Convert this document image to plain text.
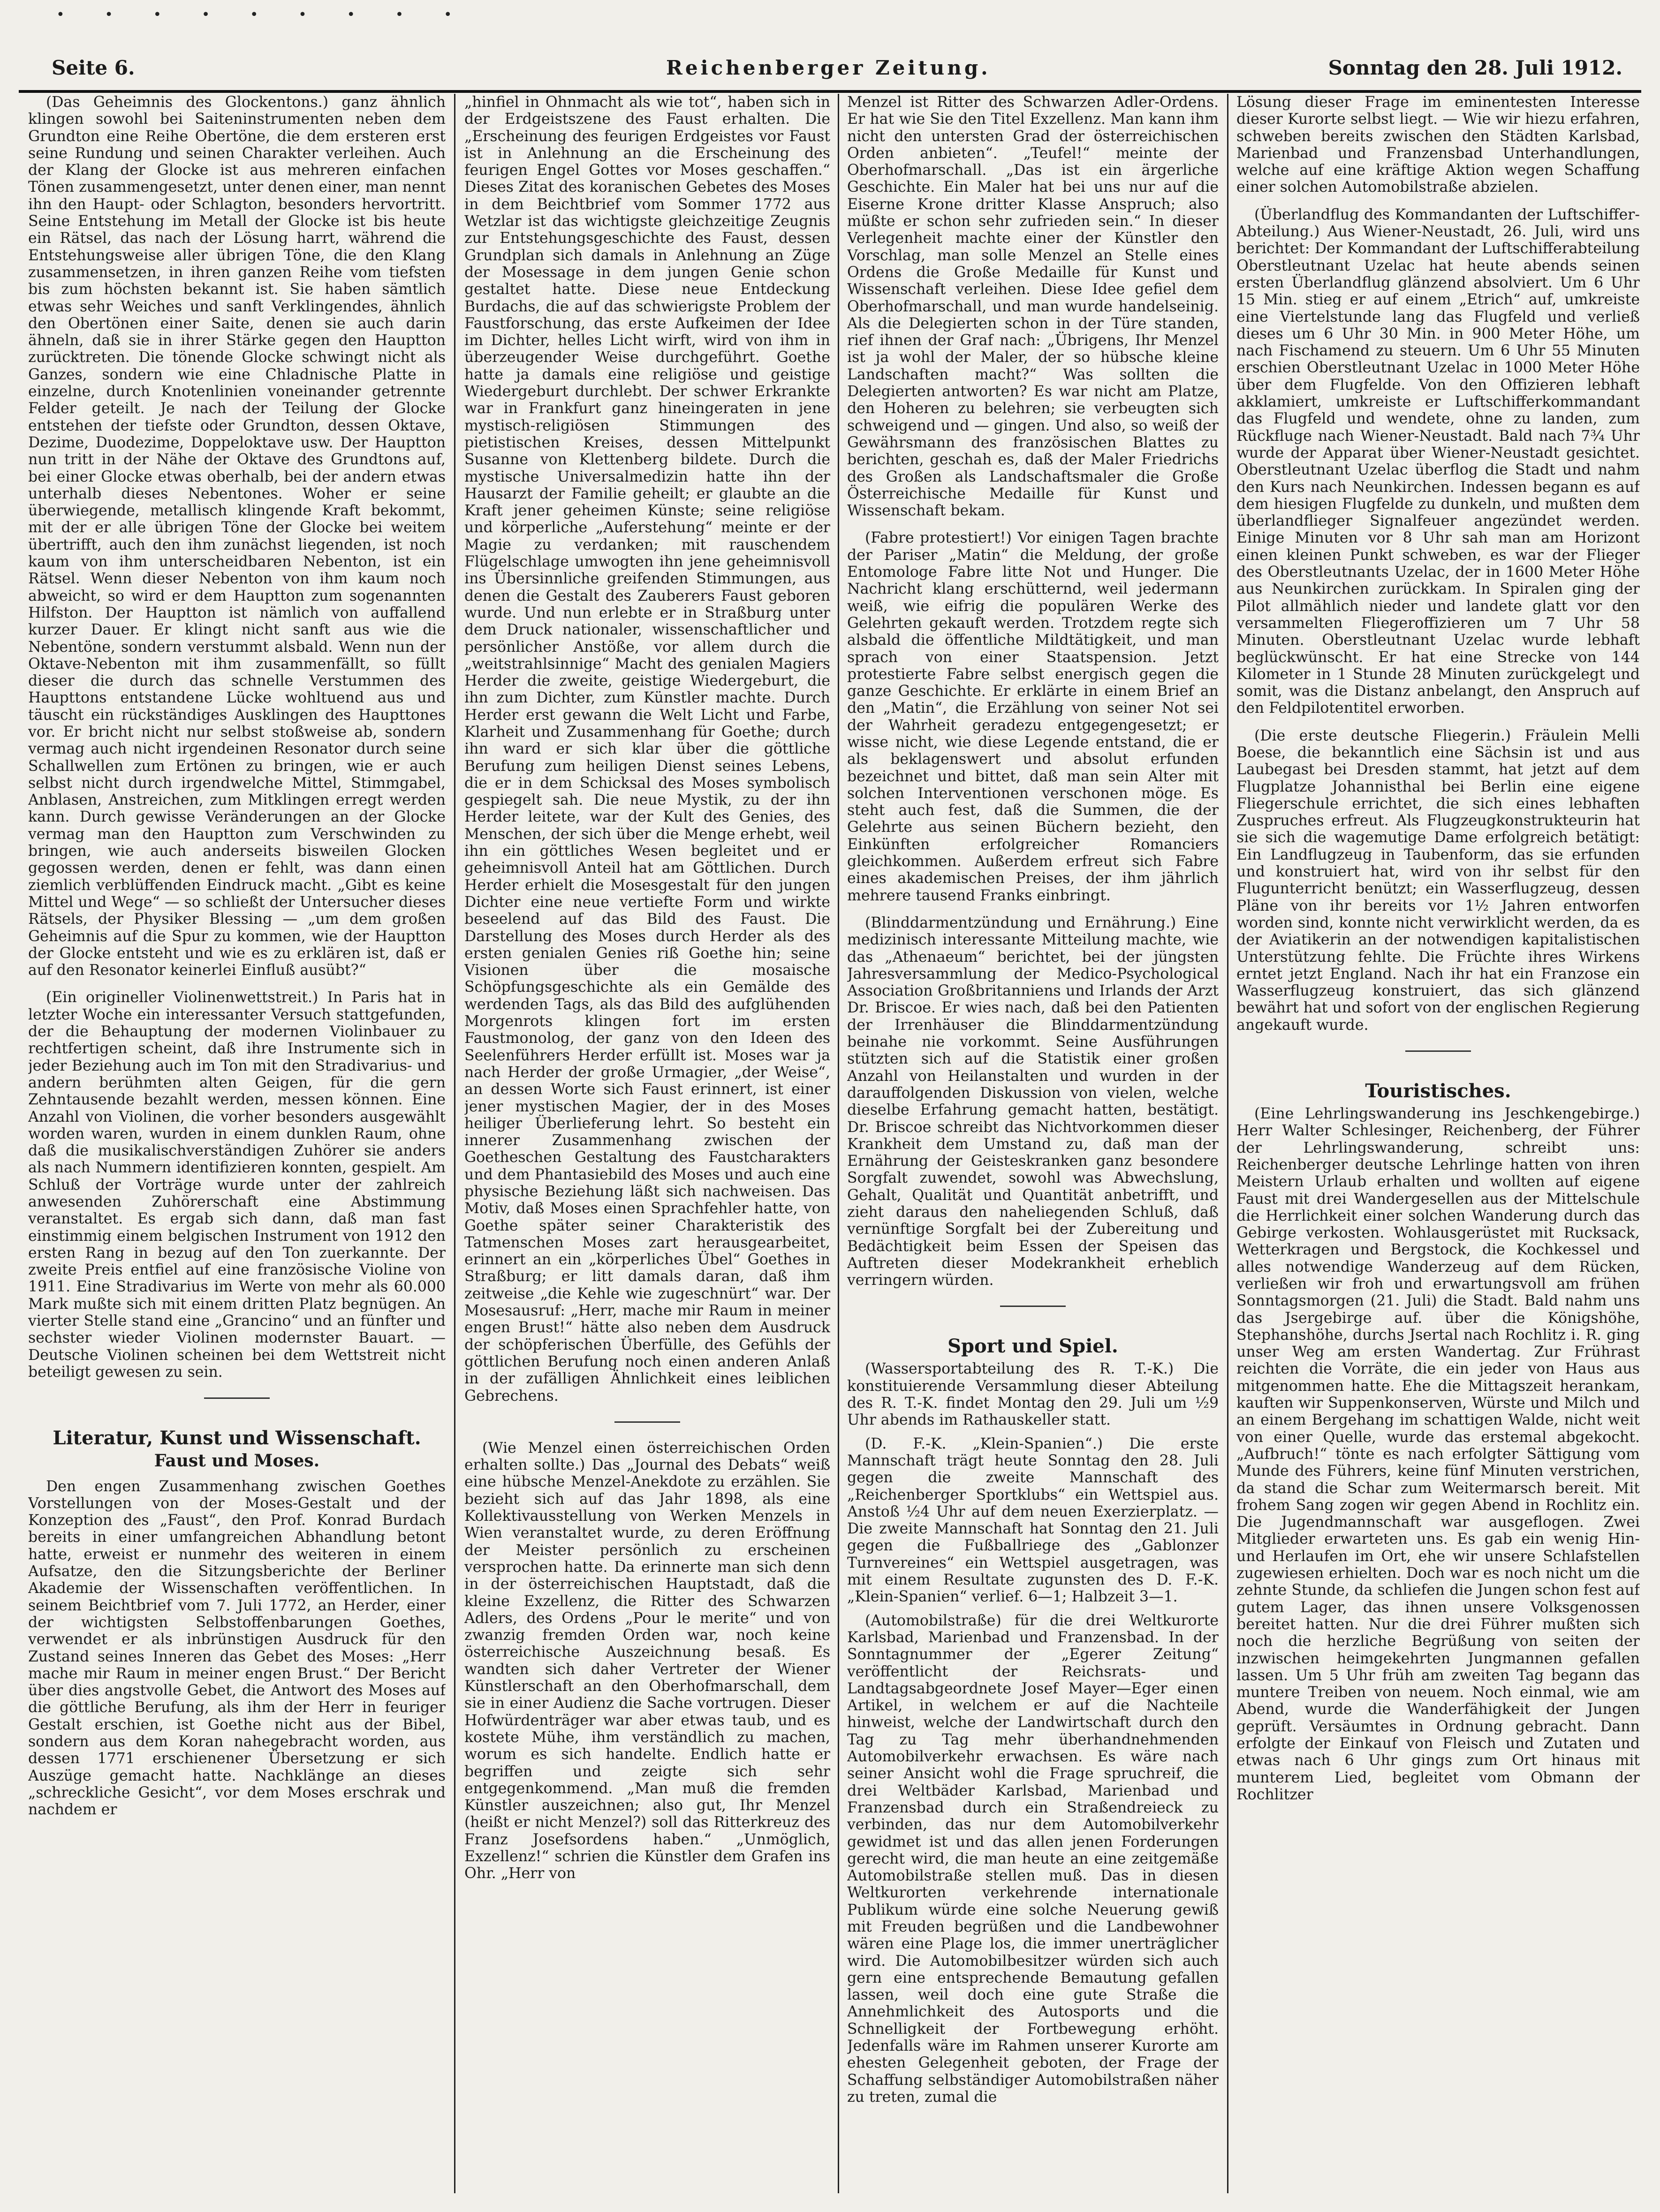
• • • • • • • • •
Seite 6.	Reichenberger Zeitung.	Sonntag den 28. Juli 1912.

(Das Geheimnis des Glockentons.) ganz ähnlich klingen sowohl bei Saiteninstrumenten neben dem Grundton eine Reihe Obertöne, die dem ersteren erst seine Rundung und seinen Charakter verleihen. Auch der Klang der Glocke ist aus mehreren einfachen Tönen zusammengesetzt, unter denen einer, man nennt ihn den Haupt- oder Schlagton, besonders hervortritt. Seine Entstehung im Metall der Glocke ist bis heute ein Rätsel, das nach der Lösung harrt, während die Entstehungsweise aller übrigen Töne, die den Klang zusammensetzen, in ihren ganzen Reihe vom tiefsten bis zum höchsten bekannt ist. Sie haben sämtlich etwas sehr Weiches und sanft Verklingendes, ähnlich den Obertönen einer Saite, denen sie auch darin ähneln, daß sie in ihrer Stärke gegen den Hauptton zurücktreten. Die tönende Glocke schwingt nicht als Ganzes, sondern wie eine Chladnische Platte in einzelne, durch Knotenlinien voneinander getrennte Felder geteilt. Je nach der Teilung der Glocke entstehen der tiefste oder Grundton, dessen Oktave, Dezime, Duodezime, Doppeloktave usw. Der Hauptton nun tritt in der Nähe der Oktave des Grundtons auf, bei einer Glocke etwas oberhalb, bei der andern etwas unterhalb dieses Nebentones. Woher er seine überwiegende, metallisch klingende Kraft bekommt, mit der er alle übrigen Töne der Glocke bei weitem übertrifft, auch den ihm zunächst liegenden, ist noch kaum von ihm unterscheidbaren Nebenton, ist ein Rätsel. Wenn dieser Nebenton von ihm kaum noch abweicht, so wird er dem Hauptton zum sogenannten Hilfston. Der Hauptton ist nämlich von auffallend kurzer Dauer. Er klingt nicht sanft aus wie die Nebentöne, sondern verstummt alsbald. Wenn nun der Oktave-Nebenton mit ihm zusammenfällt, so füllt dieser die durch das schnelle Verstummen des Haupttons entstandene Lücke wohltuend aus und täuscht ein rückständiges Ausklingen des Haupttones vor. Er bricht nicht nur selbst stoßweise ab, sondern vermag auch nicht irgendeinen Resonator durch seine Schallwellen zum Ertönen zu bringen, wie er auch selbst nicht durch irgendwelche Mittel, Stimmgabel, Anblasen, Anstreichen, zum Mitklingen erregt werden kann. Durch gewisse Veränderungen an der Glocke vermag man den Hauptton zum Verschwinden zu bringen, wie auch anderseits bisweilen Glocken gegossen werden, denen er fehlt, was dann einen ziemlich verblüffenden Eindruck macht. „Gibt es keine Mittel und Wege“ — so schließt der Untersucher dieses Rätsels, der Physiker Blessing — „um dem großen Geheimnis auf die Spur zu kommen, wie der Hauptton der Glocke entsteht und wie es zu erklären ist, daß er auf den Resonator keinerlei Einfluß ausübt?“

(Ein origineller Violinenwettstreit.) In Paris hat in letzter Woche ein interessanter Versuch stattgefunden, der die Behauptung der modernen Violinbauer zu rechtfertigen scheint, daß ihre Instrumente sich in jeder Beziehung auch im Ton mit den Stradivarius- und andern berühmten alten Geigen, für die gern Zehntausende bezahlt werden, messen können. Eine Anzahl von Violinen, die vorher besonders ausgewählt worden waren, wurden in einem dunklen Raum, ohne daß die musikalischverständigen Zuhörer sie anders als nach Nummern identifizieren konnten, gespielt. Am Schluß der Vorträge wurde unter der zahlreich anwesenden Zuhörerschaft eine Abstimmung veranstaltet. Es ergab sich dann, daß man fast einstimmig einem belgischen Instrument von 1912 den ersten Rang in bezug auf den Ton zuerkannte. Der zweite Preis entfiel auf eine französische Violine von 1911. Eine Stradivarius im Werte von mehr als 60.000 Mark mußte sich mit einem dritten Platz begnügen. An vierter Stelle stand eine „Grancino“ und an fünfter und sechster wieder Violinen modernster Bauart. — Deutsche Violinen scheinen bei dem Wettstreit nicht beteiligt gewesen zu sein.

Literatur, Kunst und Wissenschaft.
Faust und Moses.

Den engen Zusammenhang zwischen Goethes Vorstellungen von der Moses-Gestalt und der Konzeption des „Faust“, den Prof. Konrad Burdach bereits in einer umfangreichen Abhandlung betont hatte, erweist er nunmehr des weiteren in einem Aufsatze, den die Sitzungsberichte der Berliner Akademie der Wissenschaften veröffentlichen. In seinem Beichtbrief vom 7. Juli 1772, an Herder, einer der wichtigsten Selbstoffenbarungen Goethes, verwendet er als inbrünstigen Ausdruck für den Zustand seines Inneren das Gebet des Moses: „Herr mache mir Raum in meiner engen Brust.“ Der Bericht über dies angstvolle Gebet, die Antwort des Moses auf die göttliche Berufung, als ihm der Herr in feuriger Gestalt erschien, ist Goethe nicht aus der Bibel, sondern aus dem Koran nahegebracht worden, aus dessen 1771 erschienener Übersetzung er sich Auszüge gemacht hatte. Nachklänge an dieses „schreckliche Gesicht“, vor dem Moses erschrak und nachdem er

„hinfiel in Ohnmacht als wie tot“, haben sich in der Erdgeistszene des Faust erhalten. Die „Erscheinung des feurigen Erdgeistes vor Faust ist in Anlehnung an die Erscheinung des feurigen Engel Gottes vor Moses geschaffen.“ Dieses Zitat des koranischen Gebetes des Moses in dem Beichtbrief vom Sommer 1772 aus Wetzlar ist das wichtigste gleichzeitige Zeugnis zur Entstehungsgeschichte des Faust, dessen Grundplan sich damals in Anlehnung an Züge der Mosessage in dem jungen Genie schon gestaltet hatte. Diese neue Entdeckung Burdachs, die auf das schwierigste Problem der Faustforschung, das erste Aufkeimen der Idee im Dichter, helles Licht wirft, wird von ihm in überzeugender Weise durchgeführt. Goethe hatte ja damals eine religiöse und geistige Wiedergeburt durchlebt. Der schwer Erkrankte war in Frankfurt ganz hineingeraten in jene mystisch-religiösen Stimmungen des pietistischen Kreises, dessen Mittelpunkt Susanne von Klettenberg bildete. Durch die mystische Universalmedizin hatte ihn der Hausarzt der Familie geheilt; er glaubte an die Kraft jener geheimen Künste; seine religiöse und körperliche „Auferstehung“ meinte er der Magie zu verdanken; mit rauschendem Flügelschlage umwogten ihn jene geheimnisvoll ins Übersinnliche greifenden Stimmungen, aus denen die Gestalt des Zauberers Faust geboren wurde. Und nun erlebte er in Straßburg unter dem Druck nationaler, wissenschaftlicher und persönlicher Anstöße, vor allem durch die „weitstrahlsinnige“ Macht des genialen Magiers Herder die zweite, geistige Wiedergeburt, die ihn zum Dichter, zum Künstler machte. Durch Herder erst gewann die Welt Licht und Farbe, Klarheit und Zusammenhang für Goethe; durch ihn ward er sich klar über die göttliche Berufung zum heiligen Dienst seines Lebens, die er in dem Schicksal des Moses symbolisch gespiegelt sah. Die neue Mystik, zu der ihn Herder leitete, war der Kult des Genies, des Menschen, der sich über die Menge erhebt, weil ihn ein göttliches Wesen begleitet und er geheimnisvoll Anteil hat am Göttlichen. Durch Herder erhielt die Mosesgestalt für den jungen Dichter eine neue vertiefte Form und wirkte beseelend auf das Bild des Faust. Die Darstellung des Moses durch Herder als des ersten genialen Genies riß Goethe hin; seine Visionen über die mosaische Schöpfungsgeschichte als ein Gemälde des werdenden Tags, als das Bild des aufglühenden Morgenrots klingen fort im ersten Faustmonolog, der ganz von den Ideen des Seelenführers Herder erfüllt ist. Moses war ja nach Herder der große Urmagier, „der Weise“, an dessen Worte sich Faust erinnert, ist einer jener mystischen Magier, der in des Moses heiliger Überlieferung lehrt. So besteht ein innerer Zusammenhang zwischen der Goetheschen Gestaltung des Faustcharakters und dem Phantasiebild des Moses und auch eine physische Beziehung läßt sich nachweisen. Das Motiv, daß Moses einen Sprachfehler hatte, von Goethe später seiner Charakteristik des Tatmenschen Moses zart herausgearbeitet, erinnert an ein „körperliches Übel“ Goethes in Straßburg; er litt damals daran, daß ihm zeitweise „die Kehle wie zugeschnürt“ war. Der Mosesausruf: „Herr, mache mir Raum in meiner engen Brust!“ hätte also neben dem Ausdruck der schöpferischen Überfülle, des Gefühls der göttlichen Berufung noch einen anderen Anlaß in der zufälligen Ähnlichkeit eines leiblichen Gebrechens.

(Wie Menzel einen österreichischen Orden erhalten sollte.) Das „Journal des Debats“ weiß eine hübsche Menzel-Anekdote zu erzählen. Sie bezieht sich auf das Jahr 1898, als eine Kollektivausstellung von Werken Menzels in Wien veranstaltet wurde, zu deren Eröffnung der Meister persönlich zu erscheinen versprochen hatte. Da erinnerte man sich denn in der österreichischen Hauptstadt, daß die kleine Exzellenz, die Ritter des Schwarzen Adlers, des Ordens „Pour le merite“ und von zwanzig fremden Orden war, noch keine österreichische Auszeichnung besaß. Es wandten sich daher Vertreter der Wiener Künstlerschaft an den Oberhofmarschall, dem sie in einer Audienz die Sache vortrugen. Dieser Hofwürdenträger war aber etwas taub, und es kostete Mühe, ihm verständlich zu machen, worum es sich handelte. Endlich hatte er begriffen und zeigte sich sehr entgegenkommend. „Man muß die fremden Künstler auszeichnen; also gut, Ihr Menzel (heißt er nicht Menzel?) soll das Ritterkreuz des Franz Josefsordens haben.“ „Unmöglich, Exzellenz!“ schrien die Künstler dem Grafen ins Ohr. „Herr von

Menzel ist Ritter des Schwarzen Adler-Ordens. Er hat wie Sie den Titel Exzellenz. Man kann ihm nicht den untersten Grad der österreichischen Orden anbieten“. „Teufel!“ meinte der Oberhofmarschall. „Das ist ein ärgerliche Geschichte. Ein Maler hat bei uns nur auf die Eiserne Krone dritter Klasse Anspruch; also müßte er schon sehr zufrieden sein.“ In dieser Verlegenheit machte einer der Künstler den Vorschlag, man solle Menzel an Stelle eines Ordens die Große Medaille für Kunst und Wissenschaft verleihen. Diese Idee gefiel dem Oberhofmarschall, und man wurde handelseinig. Als die Delegierten schon in der Türe standen, rief ihnen der Graf nach: „Übrigens, Ihr Menzel ist ja wohl der Maler, der so hübsche kleine Landschaften macht?“ Was sollten die Delegierten antworten? Es war nicht am Platze, den Hoheren zu belehren; sie verbeugten sich schweigend und — gingen. Und also, so weiß der Gewährsmann des französischen Blattes zu berichten, geschah es, daß der Maler Friedrichs des Großen als Landschaftsmaler die Große Österreichische Medaille für Kunst und Wissenschaft bekam.

(Fabre protestiert!) Vor einigen Tagen brachte der Pariser „Matin“ die Meldung, der große Entomologe Fabre litte Not und Hunger. Die Nachricht klang erschütternd, weil jedermann weiß, wie eifrig die populären Werke des Gelehrten gekauft werden. Trotzdem regte sich alsbald die öffentliche Mildtätigkeit, und man sprach von einer Staatspension. Jetzt protestierte Fabre selbst energisch gegen die ganze Geschichte. Er erklärte in einem Brief an den „Matin“, die Erzählung von seiner Not sei der Wahrheit geradezu entgegengesetzt; er wisse nicht, wie diese Legende entstand, die er als beklagenswert und absolut erfunden bezeichnet und bittet, daß man sein Alter mit solchen Interventionen verschonen möge. Es steht auch fest, daß die Summen, die der Gelehrte aus seinen Büchern bezieht, den Einkünften erfolgreicher Romanciers gleichkommen. Außerdem erfreut sich Fabre eines akademischen Preises, der ihm jährlich mehrere tausend Franks einbringt.

(Blinddarmentzündung und Ernährung.) Eine medizinisch interessante Mitteilung machte, wie das „Athenaeum“ berichtet, bei der jüngsten Jahresversammlung der Medico-Psychological Association Großbritanniens und Irlands der Arzt Dr. Briscoe. Er wies nach, daß bei den Patienten der Irrenhäuser die Blinddarmentzündung beinahe nie vorkommt. Seine Ausführungen stützten sich auf die Statistik einer großen Anzahl von Heilanstalten und wurden in der darauffolgenden Diskussion von vielen, welche dieselbe Erfahrung gemacht hatten, bestätigt. Dr. Briscoe schreibt das Nichtvorkommen dieser Krankheit dem Umstand zu, daß man der Ernährung der Geisteskranken ganz besondere Sorgfalt zuwendet, sowohl was Abwechslung, Gehalt, Qualität und Quantität anbetrifft, und zieht daraus den naheliegenden Schluß, daß vernünftige Sorgfalt bei der Zubereitung und Bedächtigkeit beim Essen der Speisen das Auftreten dieser Modekrankheit erheblich verringern würden.

Sport und Spiel.

(Wassersportabteilung des R. T.-K.) Die konstituierende Versammlung dieser Abteilung des R. T.-K. findet Montag den 29. Juli um ½9 Uhr abends im Rathauskeller statt.

(D. F.-K. „Klein-Spanien“.) Die erste Mannschaft trägt heute Sonntag den 28. Juli gegen die zweite Mannschaft des „Reichenberger Sportklubs“ ein Wettspiel aus. Anstoß ½4 Uhr auf dem neuen Exerzierplatz. — Die zweite Mannschaft hat Sonntag den 21. Juli gegen die Fußballriege des „Gablonzer Turnvereines“ ein Wettspiel ausgetragen, was mit einem Resultate zugunsten des D. F.-K. „Klein-Spanien“ verlief. 6—1; Halbzeit 3—1.

(Automobilstraße) für die drei Weltkurorte Karlsbad, Marienbad und Franzensbad. In der Sonntagnummer der „Egerer Zeitung“ veröffentlicht der Reichsrats- und Landtagsabgeordnete Josef Mayer—Eger einen Artikel, in welchem er auf die Nachteile hinweist, welche der Landwirtschaft durch den Tag zu Tag mehr überhandnehmenden Automobilverkehr erwachsen. Es wäre nach seiner Ansicht wohl die Frage spruchreif, die drei Weltbäder Karlsbad, Marienbad und Franzensbad durch ein Straßendreieck zu verbinden, das nur dem Automobilverkehr gewidmet ist und das allen jenen Forderungen gerecht wird, die man heute an eine zeitgemäße Automobilstraße stellen muß. Das in diesen Weltkurorten verkehrende internationale Publikum würde eine solche Neuerung gewiß mit Freuden begrüßen und die Landbewohner wären eine Plage los, die immer unerträglicher wird. Die Automobilbesitzer würden sich auch gern eine entsprechende Bemautung gefallen lassen, weil doch eine gute Straße die Annehmlichkeit des Autosports und die Schnelligkeit der Fortbewegung erhöht. Jedenfalls wäre im Rahmen unserer Kurorte am ehesten Gelegenheit geboten, der Frage der Schaffung selbständiger Automobilstraßen näher zu treten, zumal die

Lösung dieser Frage im eminentesten Interesse dieser Kurorte selbst liegt. — Wie wir hiezu erfahren, schweben bereits zwischen den Städten Karlsbad, Marienbad und Franzensbad Unterhandlungen, welche auf eine kräftige Aktion wegen Schaffung einer solchen Automobilstraße abzielen.

(Überlandflug des Kommandanten der Luftschiffer-Abteilung.) Aus Wiener-Neustadt, 26. Juli, wird uns berichtet: Der Kommandant der Luftschifferabteilung Oberstleutnant Uzelac hat heute abends seinen ersten Überlandflug glänzend absolviert. Um 6 Uhr 15 Min. stieg er auf einem „Etrich“ auf, umkreiste eine Viertelstunde lang das Flugfeld und verließ dieses um 6 Uhr 30 Min. in 900 Meter Höhe, um nach Fischamend zu steuern. Um 6 Uhr 55 Minuten erschien Oberstleutnant Uzelac in 1000 Meter Höhe über dem Flugfelde. Von den Offizieren lebhaft akklamiert, umkreiste er Luftschifferkommandant das Flugfeld und wendete, ohne zu landen, zum Rückfluge nach Wiener-Neustadt. Bald nach 7¾ Uhr wurde der Apparat über Wiener-Neustadt gesichtet. Oberstleutnant Uzelac überflog die Stadt und nahm den Kurs nach Neunkirchen. Indessen begann es auf dem hiesigen Flugfelde zu dunkeln, und mußten dem überlandflieger Signalfeuer angezündet werden. Einige Minuten vor 8 Uhr sah man am Horizont einen kleinen Punkt schweben, es war der Flieger des Oberstleutnants Uzelac, der in 1600 Meter Höhe aus Neunkirchen zurückkam. In Spiralen ging der Pilot allmählich nieder und landete glatt vor den versammelten Fliegeroffizieren um 7 Uhr 58 Minuten. Oberstleutnant Uzelac wurde lebhaft beglückwünscht. Er hat eine Strecke von 144 Kilometer in 1 Stunde 28 Minuten zurückgelegt und somit, was die Distanz anbelangt, den Anspruch auf den Feldpilotentitel erworben.

(Die erste deutsche Fliegerin.) Fräulein Melli Boese, die bekanntlich eine Sächsin ist und aus Laubegast bei Dresden stammt, hat jetzt auf dem Flugplatze Johannisthal bei Berlin eine eigene Fliegerschule errichtet, die sich eines lebhaften Zuspruches erfreut. Als Flugzeugkonstrukteurin hat sie sich die wagemutige Dame erfolgreich betätigt: Ein Landflugzeug in Taubenform, das sie erfunden und konstruiert hat, wird von ihr selbst für den Flugunterricht benützt; ein Wasserflugzeug, dessen Pläne von ihr bereits vor 1½ Jahren entworfen worden sind, konnte nicht verwirklicht werden, da es der Aviatikerin an der notwendigen kapitalistischen Unterstützung fehlte. Die Früchte ihres Wirkens erntet jetzt England. Nach ihr hat ein Franzose ein Wasserflugzeug konstruiert, das sich glänzend bewährt hat und sofort von der englischen Regierung angekauft wurde.

Touristisches.

(Eine Lehrlingswanderung ins Jeschkengebirge.) Herr Walter Schlesinger, Reichenberg, der Führer der Lehrlingswanderung, schreibt uns: Reichenberger deutsche Lehrlinge hatten von ihren Meistern Urlaub erhalten und wollten auf eigene Faust mit drei Wandergesellen aus der Mittelschule die Herrlichkeit einer solchen Wanderung durch das Gebirge verkosten. Wohlausgerüstet mit Rucksack, Wetterkragen und Bergstock, die Kochkessel und alles notwendige Wanderzeug auf dem Rücken, verließen wir froh und erwartungsvoll am frühen Sonntagsmorgen (21. Juli) die Stadt. Bald nahm uns das Jsergebirge auf. über die Königshöhe, Stephanshöhe, durchs Jsertal nach Rochlitz i. R. ging unser Weg am ersten Wandertag. Zur Frührast reichten die Vorräte, die ein jeder von Haus aus mitgenommen hatte. Ehe die Mittagszeit herankam, kauften wir Suppenkonserven, Würste und Milch und an einem Bergehang im schattigen Walde, nicht weit von einer Quelle, wurde das erstemal abgekocht. „Aufbruch!“ tönte es nach erfolgter Sättigung vom Munde des Führers, keine fünf Minuten verstrichen, da stand die Schar zum Weitermarsch bereit. Mit frohem Sang zogen wir gegen Abend in Rochlitz ein. Die Jugendmannschaft war ausgeflogen. Zwei Mitglieder erwarteten uns. Es gab ein wenig Hin- und Herlaufen im Ort, ehe wir unsere Schlafstellen zugewiesen erhielten. Doch war es noch nicht um die zehnte Stunde, da schliefen die Jungen schon fest auf gutem Lager, das ihnen unsere Volksgenossen bereitet hatten. Nur die drei Führer mußten sich noch die herzliche Begrüßung von seiten der inzwischen heimgekehrten Jungmannen gefallen lassen. Um 5 Uhr früh am zweiten Tag begann das muntere Treiben von neuem. Noch einmal, wie am Abend, wurde die Wanderfähigkeit der Jungen geprüft. Versäumtes in Ordnung gebracht. Dann erfolgte der Einkauf von Fleisch und Zutaten und etwas nach 6 Uhr gings zum Ort hinaus mit munterem Lied, begleitet vom Obmann der Rochlitzer
